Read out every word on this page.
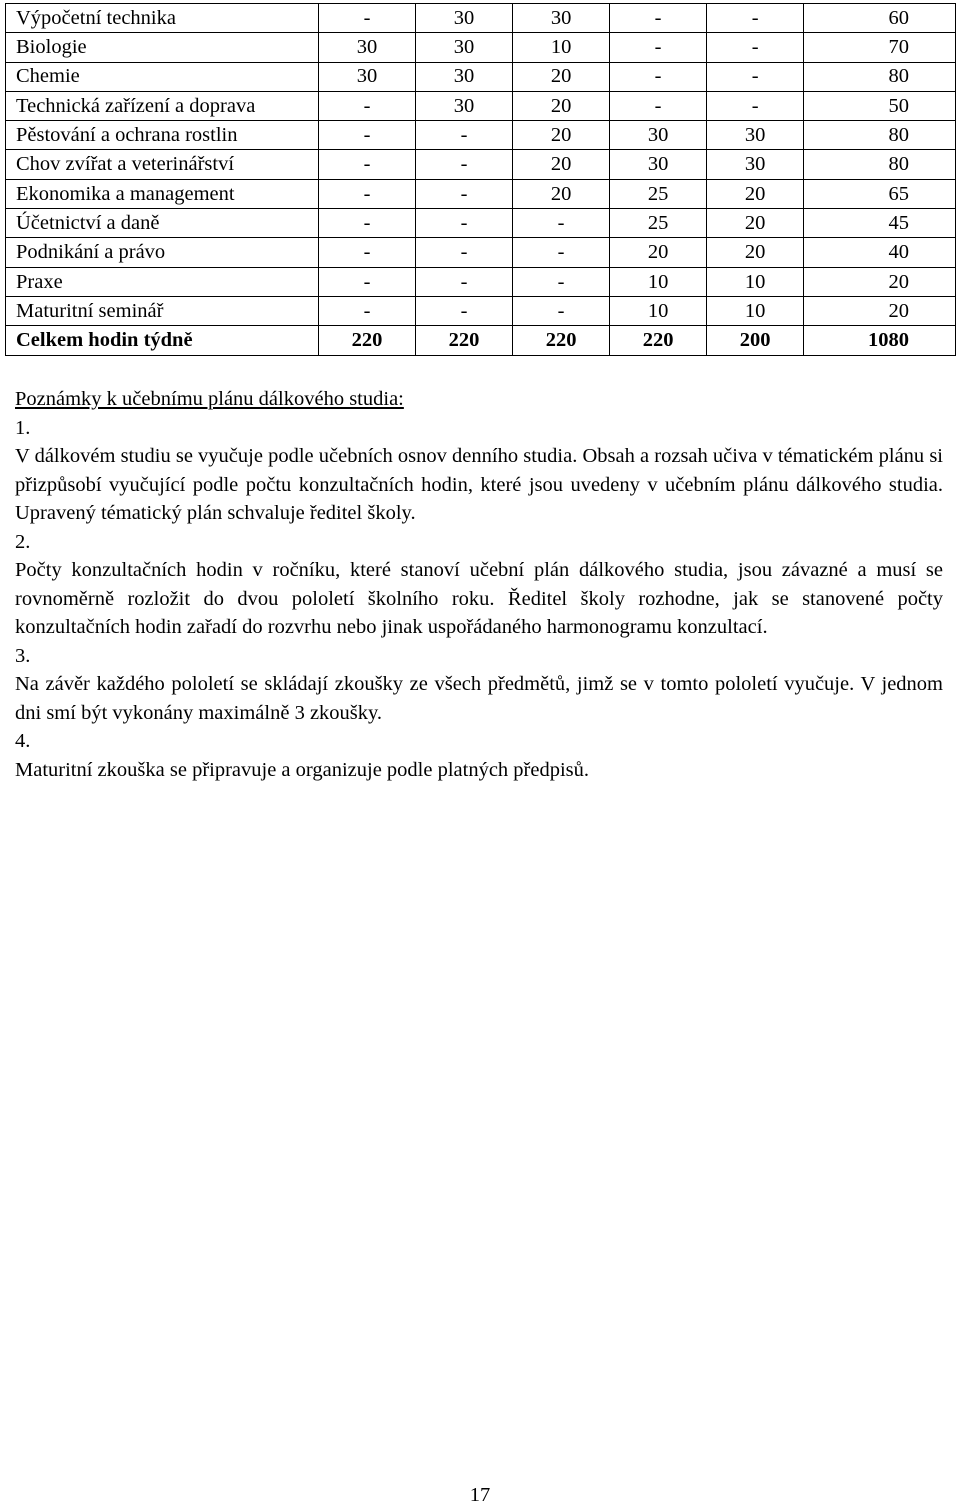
Výpočetní technika	-	30	30	-	-	60
Biologie	30	30	10	-	-	70
Chemie	30	30	20	-	-	80
Technická zařízení a doprava	-	30	20	-	-	50
Pěstování a ochrana rostlin	-	-	20	30	30	80
Chov zvířat a veterinářství	-	-	20	30	30	80
Ekonomika a management	-	-	20	25	20	65
Účetnictví a daně	-	-	-	25	20	45
Podnikání a právo	-	-	-	20	20	40
Praxe	-	-	-	10	10	20
Maturitní seminář	-	-	-	10	10	20
Celkem hodin týdně	220	220	220	220	200	1080

Poznámky k učebnímu plánu dálkového studia:

1.

V dálkovém studiu se vyučuje podle učebních osnov denního studia. Obsah a rozsah učiva v tématickém plánu si přizpůsobí vyučující podle počtu konzultačních hodin, které jsou uvedeny v učebním plánu dálkového studia. Upravený tématický plán schvaluje ředitel školy.

2.

Počty konzultačních hodin v ročníku, které stanoví učební plán dálkového studia, jsou závazné a musí se rovnoměrně rozložit do dvou pololetí školního roku. Ředitel školy rozhodne, jak se stanovené počty konzultačních hodin zařadí do rozvrhu nebo jinak uspořádaného harmonogramu konzultací.

3.

Na závěr každého pololetí se skládají zkoušky ze všech předmětů, jimž se v tomto pololetí vyučuje. V jednom dni smí být vykonány maximálně 3 zkoušky.

4.

Maturitní zkouška se připravuje a organizuje podle platných předpisů.

17
